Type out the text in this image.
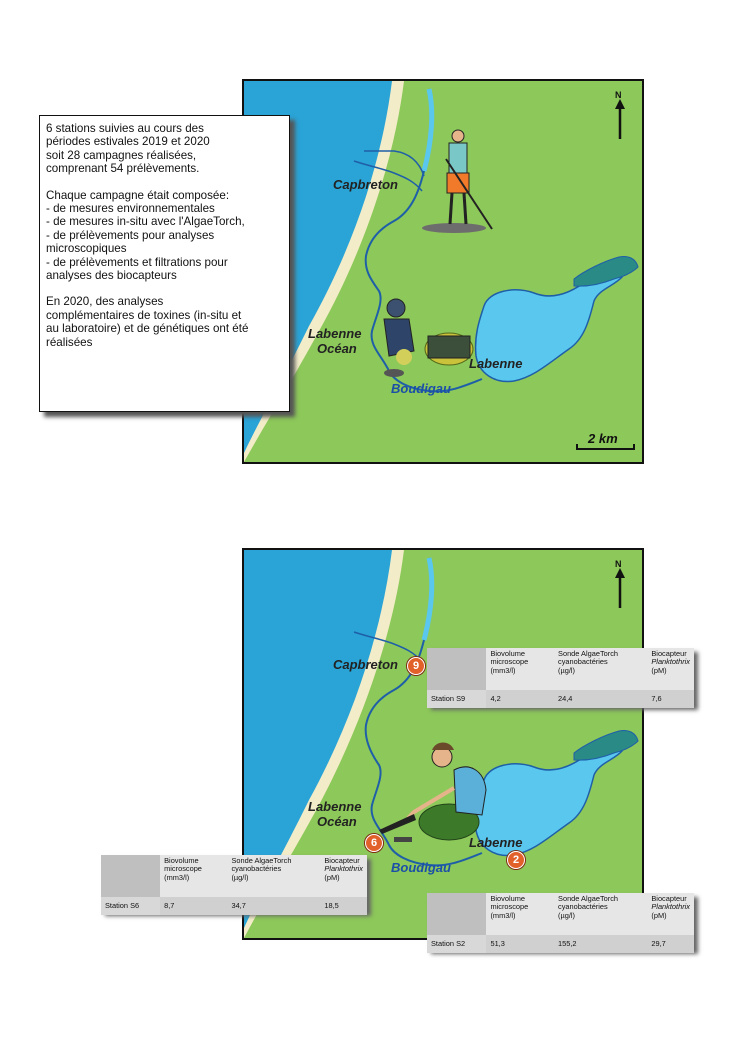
N
Capbreton
Labenne
Océan
Labenne
Boudigau
2 km

6 stations suivies au cours des
périodes estivales 2019 et 2020
soit 28 campagnes réalisées,
comprenant 54 prélèvements.

Chaque campagne était composée:
- de mesures environnementales
- de mesures in-situ avec l'AlgaeTorch,
- de prélèvements pour analyses
microscopiques
- de prélèvements et filtrations pour
analyses des biocapteurs

En 2020, des analyses
complémentaires de toxines (in-situ et
au laboratoire) et de génétiques ont été
réalisées

N
Capbreton
Labenne
Océan
Labenne
Boudigau
9
6
2
	Biovolume
microscope
(mm3/l)	Sonde AlgaeTorch
cyanobactéries
(µg/l)	Biocapteur
Planktothrix
(pM)
Station S9	4,2	24,4	7,6
	Biovolume
microscope
(mm3/l)	Sonde AlgaeTorch
cyanobactéries
(µg/l)	Biocapteur
Planktothrix
(pM)
Station S6	8,7	34,7	18,5
	Biovolume
microscope
(mm3/l)	Sonde AlgaeTorch
cyanobactéries
(µg/l)	Biocapteur
Planktothrix
(pM)
Station S2	51,3	155,2	29,7
